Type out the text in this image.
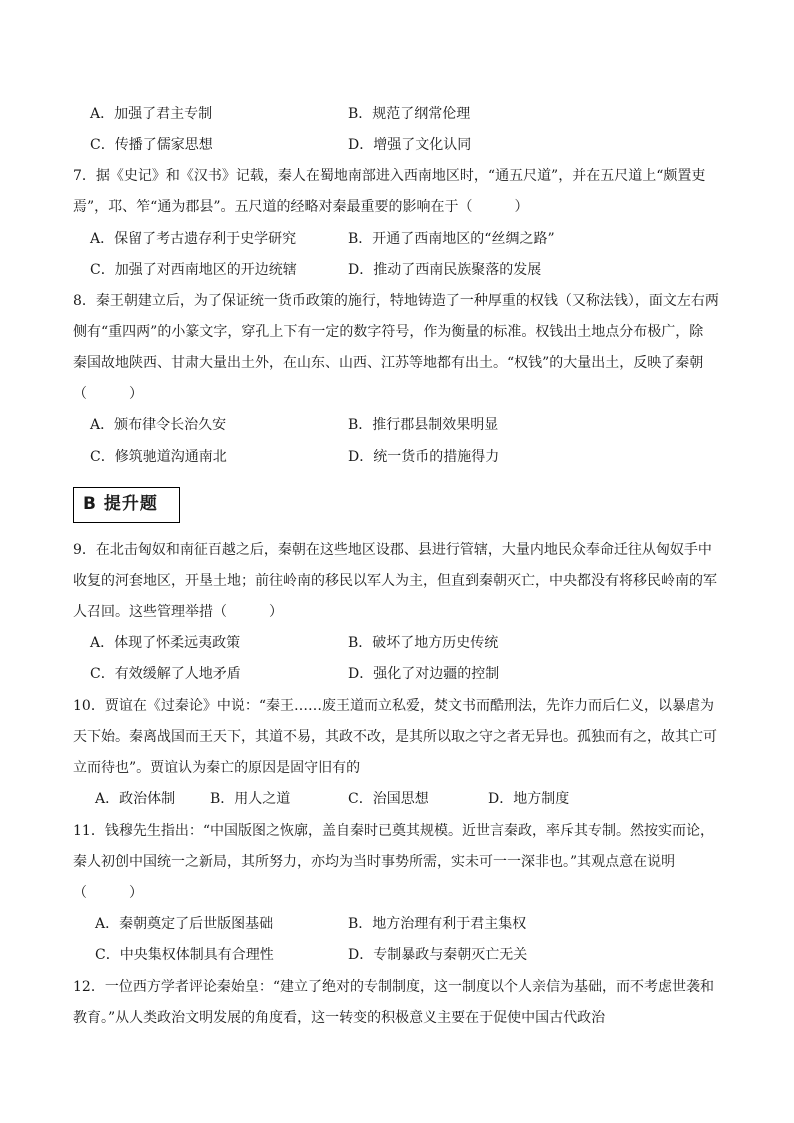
A．加强了君主专制	B．规范了纲常伦理
C．传播了儒家思想	D．增强了文化认同
7．据《史记》和《汉书》记载，秦人在蜀地南部进入西南地区时，“通五尺道”，并在五尺道上“颇置吏
焉”，邛、笮“通为郡县”。五尺道的经略对秦最重要的影响在于（　　　）
A．保留了考古遗存利于史学研究	B．开通了西南地区的“丝绸之路”
C．加强了对西南地区的开边统辖	D．推动了西南民族聚落的发展
8．秦王朝建立后，为了保证统一货币政策的施行，特地铸造了一种厚重的权钱（又称法钱），面文左右两
侧有“重四两”的小篆文字，穿孔上下有一定的数字符号，作为衡量的标准。权钱出土地点分布极广，除
秦国故地陕西、甘肃大量出土外，在山东、山西、江苏等地都有出土。“权钱”的大量出土，反映了秦朝
（　　　）
A．颁布律令长治久安	B．推行郡县制效果明显
C．修筑驰道沟通南北	D．统一货币的措施得力
B 提升题
9．在北击匈奴和南征百越之后，秦朝在这些地区设郡、县进行管辖，大量内地民众奉命迁往从匈奴手中
收复的河套地区，开垦土地；前往岭南的移民以军人为主，但直到秦朝灭亡，中央都没有将移民岭南的军
人召回。这些管理举措（　　　）
A．体现了怀柔远夷政策	B．破坏了地方历史传统
C．有效缓解了人地矛盾	D．强化了对边疆的控制
10．贾谊在《过秦论》中说：“秦王……废王道而立私爱，焚文书而酷刑法，先诈力而后仁义，以暴虐为
天下始。秦离战国而王天下，其道不易，其政不改，是其所以取之守之者无异也。孤独而有之，故其亡可
立而待也”。贾谊认为秦亡的原因是固守旧有的
A．政治体制 B．用人之道	C．治国思想	D．地方制度
11．钱穆先生指出：“中国版图之恢廓，盖自秦时已奠其规模。近世言秦政，率斥其专制。然按实而论，
秦人初创中国统一之新局，其所努力，亦均为当时事势所需，实未可一一深非也。”其观点意在说明
（　　　）
A．秦朝奠定了后世版图基础	B．地方治理有利于君主集权
C．中央集权体制具有合理性	D．专制暴政与秦朝灭亡无关
12．一位西方学者评论秦始皇：“建立了绝对的专制制度，这一制度以个人亲信为基础，而不考虑世袭和
教育。”从人类政治文明发展的角度看，这一转变的积极意义主要在于促使中国古代政治
